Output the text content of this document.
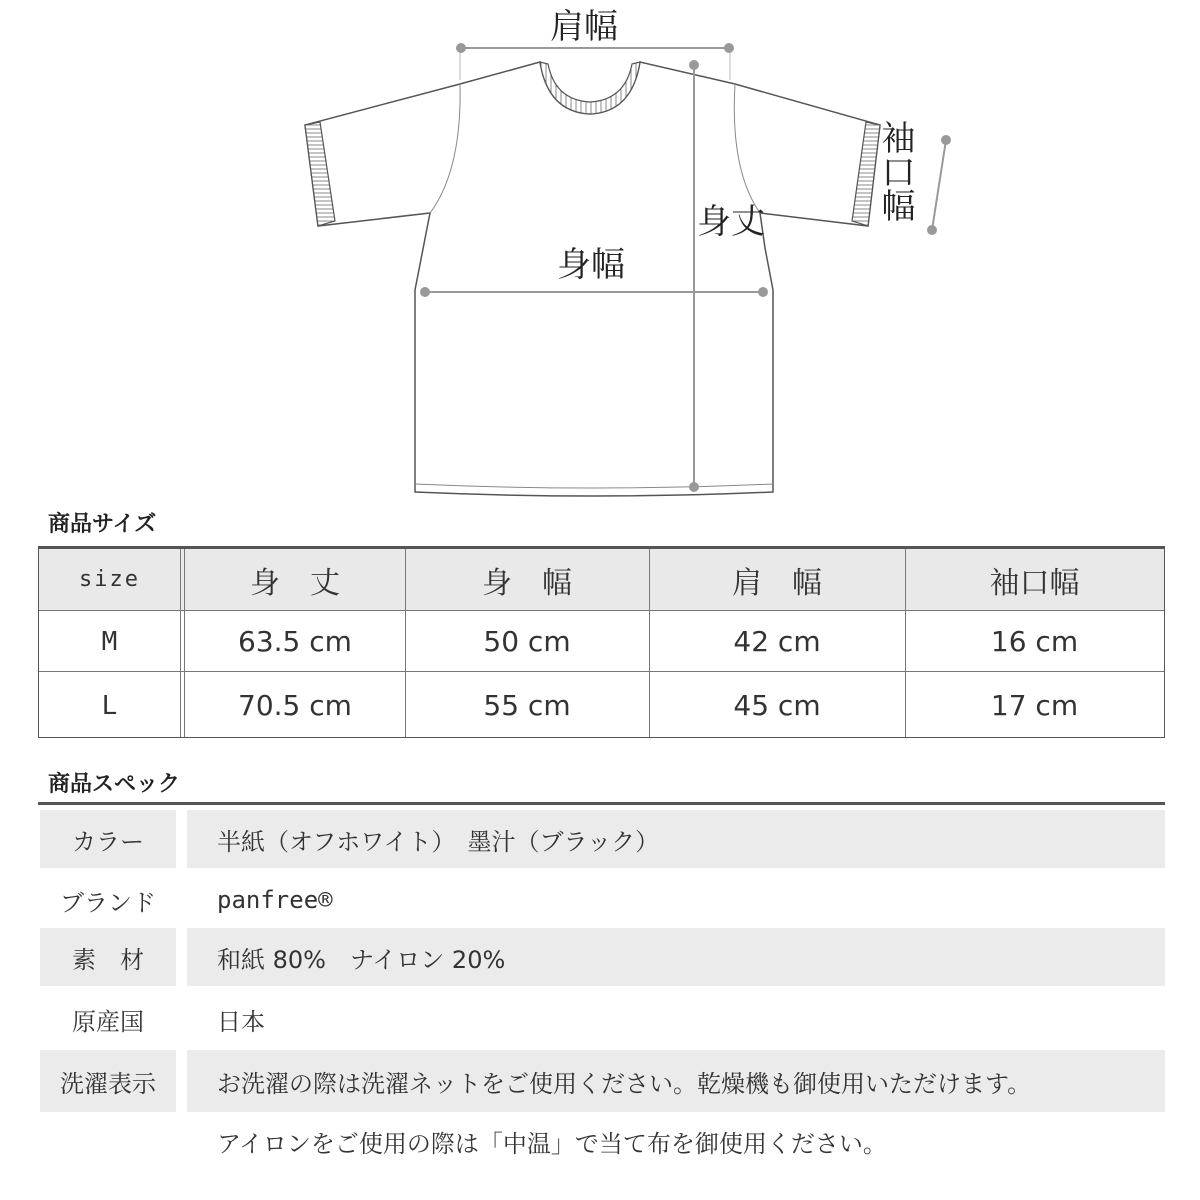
肩幅
身丈
身幅
袖口幅
商品サイズ
size	身　丈	身　幅	肩　幅	袖口幅
M	63.5 cm	50 cm	42 cm	16 cm
L	70.5 cm	55 cm	45 cm	17 cm
商品スペック
カラー	半紙（オフホワイト）　墨汁（ブラック）
ブランド	panfree®
素　材	和紙 80%　ナイロン 20%
原産国	日本
洗濯表示	お洗濯の際は洗濯ネットをご使用ください。乾燥機も御使用いただけます。
アイロンをご使用の際は「中温」で当て布を御使用ください。
